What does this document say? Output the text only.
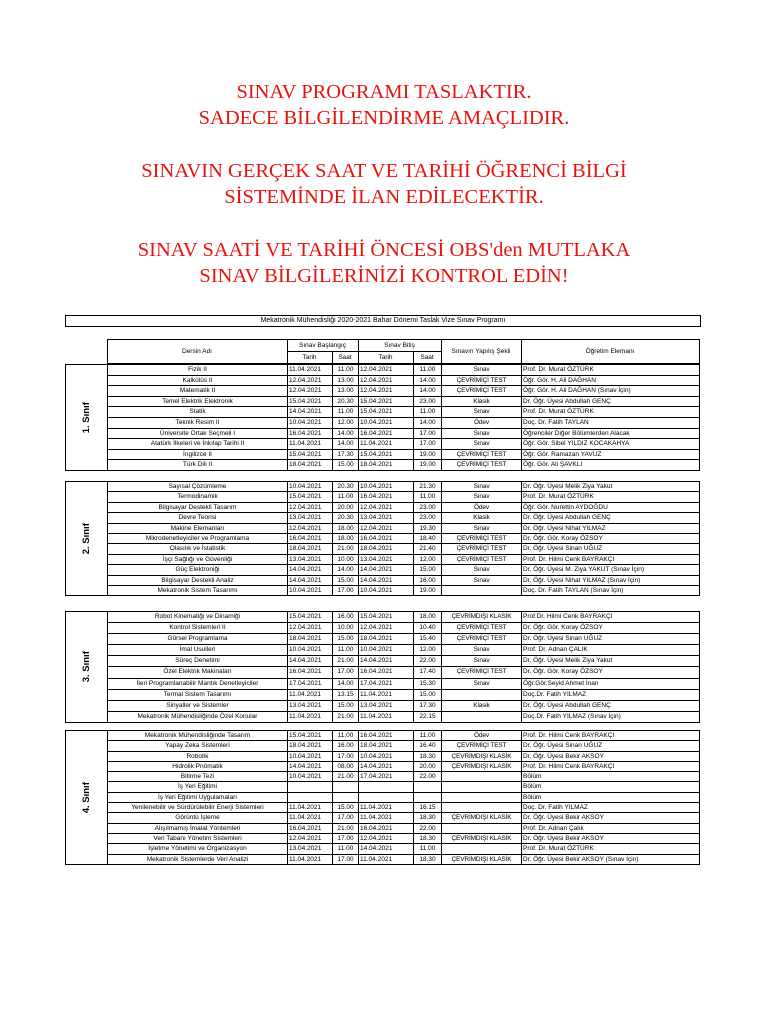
SINAV PROGRAMI TASLAKTIR.
SADECE BİLGİLENDİRME AMAÇLIDIR.
SINAVIN GERÇEK SAAT VE TARİHİ ÖĞRENCİ BİLGİ
SİSTEMİNDE İLAN EDİLECEKTİR.
SINAV SAATİ VE TARİHİ ÖNCESİ OBS'den MUTLAKA
SINAV BİLGİLERİNİZİ KONTROL EDİN!
Mekatronik Mühendisliği 2020-2021 Bahar Dönemi Taslak Vize Sınav Programı
	Dersin Adı	Sınav Başlangıç		Sınav Bitiş		Sınavın Yapılış Şekli	Öğretim Elemanı
		Tarih	Saat	Tarih	Saat		
1. Sınıf	Fizik II	11.04.2021	11.00	12.04.2021	11.00	Sınav	Prof. Dr. Murat ÖZTÜRK
	Kalkülüs II	12.04.2021	13.00	12.04.2021	14.00	ÇEVRİMİÇİ TEST	Öğr. Gör. H. Ali DAĞHAN
	Matematik II	12.04.2021	13.00	12.04.2021	14.00	ÇEVRİMİÇİ TEST	Öğr. Gör. H. Ali DAĞHAN (Sınav İçin)
	Temel Elektrik Elektronik	15.04.2021	20.30	15.04.2021	23.00	Klasik	Dr. Öğr. Üyesi Abdullah GENÇ
	Statik	14.04.2021	11.00	15.04.2021	11.00	Sınav	Prof. Dr. Murat ÖZTÜRK
	Teknik Resim II	10.04.2021	12.00	10.04.2021	14.00	Ödev	Doç. Dr. Fatih TAYLAN
	Üniversite Ortak Seçmeli I	16.04.2021	14.00	16.04.2021	17.00	Sınav	Öğrenciler Diğer Bölümlerden Alacak
	Atatürk İlkeleri ve İnkılap Tarihi II	11.04.2021	14.00	11.04.2021	17.00	Sınav	Öğr. Gör. Sibel YILDIZ KOCAKAHYA
	İngilizce II	15.04.2021	17.30	15.04.2021	19.00	ÇEVRİMİÇİ TEST	Öğr. Gör. Ramazan YAVUZ
	Türk Dili II	18.04.2021	15.00	18.04.2021	19.00	ÇEVRİMİÇİ TEST	Öğr. Gör. Ali ŞAVKLI
2. Sınıf	Sayısal Çözümleme	10.04.2021	20.30	10.04.2021	21.30	Sınav	Dr. Öğr. Üyesi Melik Ziya Yakut
	Termodinamik	15.04.2021	11.00	16.04.2021	11.00	Sınav	Prof. Dr. Murat ÖZTÜRK
	Bilgisayar Destekli Tasarım	12.04.2021	20.00	12.04.2021	23.00	Ödev	Öğr. Gör. Nurettin AYDOĞDU
	Devre Teorisi	13.04.2021	20.30	13.04.2021	23.00	Klasik	Dr. Öğr. Üyesi Abdullah GENÇ
	Makine Elemanları	12.04.2021	18.00	12.04.2021	19.30	Sınav	Dr. Öğr. Üyesi Nihat YILMAZ
	Mikrodenetleyiciler ve Programlama	16.04.2021	18.00	16.04.2021	18.40	ÇEVRİMİÇİ TEST	Dr. Öğr. Gör. Koray ÖZSOY
	Olasılık ve İstatistik	18.04.2021	21.00	18.04.2021	21.40	ÇEVRİMİÇİ TEST	Dr. Öğr. Üyesi Sinan UĞUZ
	İşçi Sağlığı ve Güvenliği	13.04.2021	10.00	13.04.2021	12.00	ÇEVRİMİÇİ TEST	Prof. Dr. Hilmi Cenk BAYRAKÇI
	Güç Elektroniği	14.04.2021	14.00	14.04.2021	15.00	Sınav	Dr. Öğr. Üyesi M. Ziya YAKUT (Sınav İçin)
	Bilgisayar Destekli Analiz	14.04.2021	15.00	14.04.2021	16.00	Sınav	Dr. Öğr. Üyesi Nihat YILMAZ (Sınav İçin)
	Mekatronik Sistem Tasarımı	10.04.2021	17.00	10.04.2021	19.00		Doç. Dr. Fatih TAYLAN (Sınav İçin)
3. Sınıf	Robot Kinematiği ve Dinamiği	15.04.2021	16.00	15.04.2021	18.00	ÇEVRİMDIŞI KLASİK	Prof.Dr. Hilmi Cenk BAYRAKÇI
	Kontrol Sistemleri II	12.04.2021	10.00	12.04.2021	10.40	ÇEVRİMİÇİ TEST	Dr. Öğr. Gör. Koray ÖZSOY
	Görsel Programlama	18.04.2021	15.00	18.04.2021	15.40	ÇEVRİMİÇİ TEST	Dr. Öğr. Üyesi Sinan UĞUZ
	İmal Usulleri	10.04.2021	11.00	10.04.2021	12.00	Sınav	Prof. Dr. Adnan ÇALIK
	Süreç Denetimi	14.04.2021	21.00	14.04.2021	22.00	Sınav	Dr. Öğr. Üyesi Melik Ziya Yakut
	Özel Elektrik Makinaları	16.04.2021	17.00	16.04.2021	17.40	ÇEVRİMİÇİ TEST	Dr. Öğr. Gör. Koray ÖZSOY
	İleri Programlanabilir Mantık Denetleyiciler	17.04.2021	14.00	17.04.2021	15.30	Sınav	Öğr.Gör.Seyid Ahmet İnan
	Termal Sistem Tasarımı	11.04.2021	13.15	11.04.2021	15.00		Doç.Dr. Fatih YILMAZ
	Sinyaller ve Sistemler	13.04.2021	15.00	13.04.2021	17.30	Klasik	Dr. Öğr. Üyesi Abdullah GENÇ
	Mekatronik Mühendisliğinde Özel Konular	11.04.2021	21.00	11.04.2021	22.15		Doç.Dr. Fatih YILMAZ (Sınav İçin)
4. Sınıf	Mekatronik Mühendisliğinde Tasarım	15.04.2021	11.00	16.04.2021	11.00	Ödev	Prof. Dr. Hilmi Cenk BAYRAKÇI
	Yapay Zeka Sistemleri	18.04.2021	16.00	18.04.2021	16.40	ÇEVRİMİÇİ TEST	Dr. Öğr. Üyesi Sinan UĞUZ
	Robotik	10.04.2021	17.00	10.04.2021	18.30	ÇEVRİMDIŞI KLASİK	Dr. Öğr. Üyesi Bekir AKSOY
	Hidrolik Pnömatik	14.04.2021	08.00	14.04.2021	20.00	ÇEVRİMDIŞI KLASİK	Prof. Dr. Hilmi Cenk BAYRAKÇI
	Bitirme Tezi	10.04.2021	21.00	17.04.2021	22.00		Bölüm
	İş Yeri Eğitimi						Bölüm
	İş Yeri Eğitimi Uygulamaları						Bölüm
	Yenilenebilir ve Sürdürülebilir Enerji Sistemleri	11.04.2021	15.00	11.04.2021	16.15		Doç. Dr. Fatih YILMAZ
	Görüntü İşleme	11.04.2021	17.00	11.04.2021	18.30	ÇEVRİMDIŞI KLASİK	Dr. Öğr. Üyesi Bekir AKSOY
	Alışılmamış İmalat Yöntemleri	16.04.2021	21.00	16.04.2021	22.00		Prof. Dr. Adnan Çalık
	Veri Tabanı Yönetim Sistemleri	12.04.2021	17.00	12.04.2021	18.30	ÇEVRİMDIŞI KLASİK	Dr. Öğr. Üyesi Bekir AKSOY
	İşletme Yönetimi ve Organizasyon	13.04.2021	11.00	14.04.2021	11.00		Prof. Dr. Murat ÖZTÜRK
	Mekatronik Sistemlerde Veri Analizi	11.04.2021	17.00	11.04.2021	18.30	ÇEVRİMDIŞI KLASİK	Dr. Öğr. Üyesi Bekir AKSOY (Sınav İçin)
